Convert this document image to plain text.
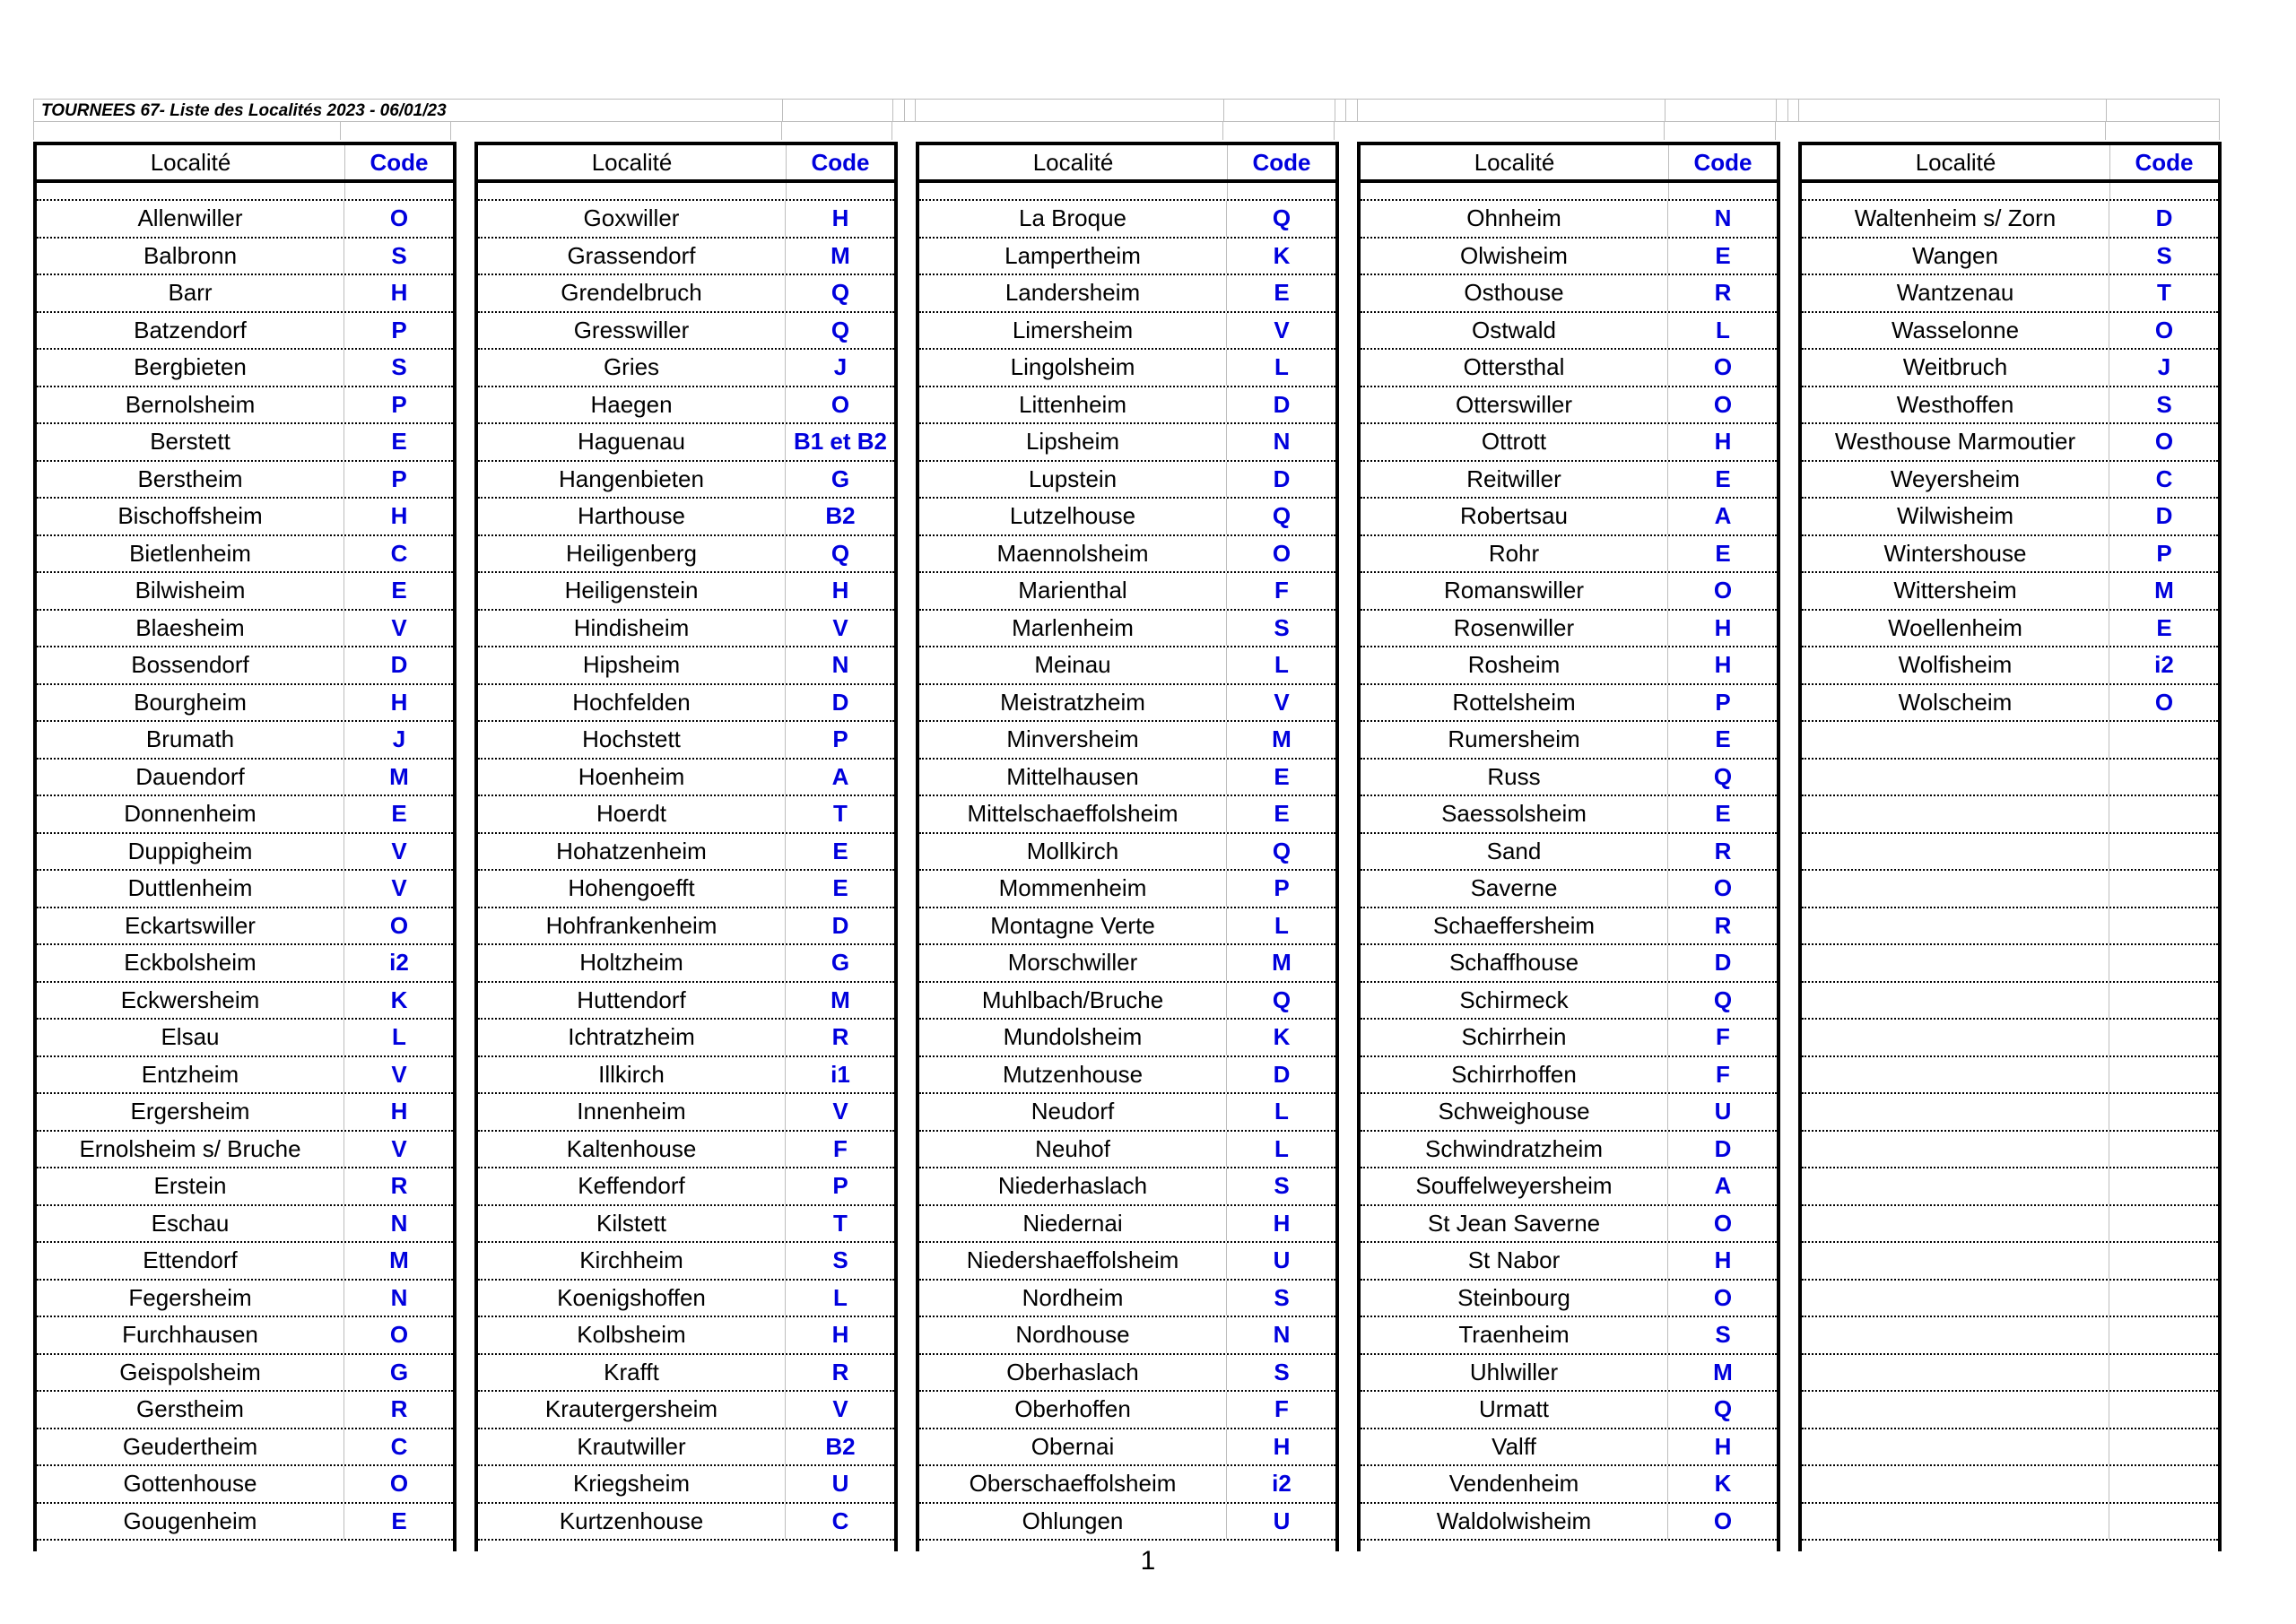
TOURNEES 67- Liste des Localités 2023 - 06/01/23
Localité	Code
Allenwiller	O
Balbronn	S
Barr	H
Batzendorf	P
Bergbieten	S
Bernolsheim	P
Berstett	E
Berstheim	P
Bischoffsheim	H
Bietlenheim	C
Bilwisheim	E
Blaesheim	V
Bossendorf	D
Bourgheim	H
Brumath	J
Dauendorf	M
Donnenheim	E
Duppigheim	V
Duttlenheim	V
Eckartswiller	O
Eckbolsheim	i2
Eckwersheim	K
Elsau	L
Entzheim	V
Ergersheim	H
Ernolsheim s/ Bruche	V
Erstein	R
Eschau	N
Ettendorf	M
Fegersheim	N
Furchhausen	O
Geispolsheim	G
Gerstheim	R
Geudertheim	C
Gottenhouse	O
Gougenheim	E
Localité	Code
Goxwiller	H
Grassendorf	M
Grendelbruch	Q
Gresswiller	Q
Gries	J
Haegen	O
Haguenau	B1 et B2
Hangenbieten	G
Harthouse	B2
Heiligenberg	Q
Heiligenstein	H
Hindisheim	V
Hipsheim	N
Hochfelden	D
Hochstett	P
Hoenheim	A
Hoerdt	T
Hohatzenheim	E
Hohengoefft	E
Hohfrankenheim	D
Holtzheim	G
Huttendorf	M
Ichtratzheim	R
Illkirch	i1
Innenheim	V
Kaltenhouse	F
Keffendorf	P
Kilstett	T
Kirchheim	S
Koenigshoffen	L
Kolbsheim	H
Krafft	R
Krautergersheim	V
Krautwiller	B2
Kriegsheim	U
Kurtzenhouse	C
Localité	Code
La Broque	Q
Lampertheim	K
Landersheim	E
Limersheim	V
Lingolsheim	L
Littenheim	D
Lipsheim	N
Lupstein	D
Lutzelhouse	Q
Maennolsheim	O
Marienthal	F
Marlenheim	S
Meinau	L
Meistratzheim	V
Minversheim	M
Mittelhausen	E
Mittelschaeffolsheim	E
Mollkirch	Q
Mommenheim	P
Montagne Verte	L
Morschwiller	M
Muhlbach/Bruche	Q
Mundolsheim	K
Mutzenhouse	D
Neudorf	L
Neuhof	L
Niederhaslach	S
Niedernai	H
Niedershaeffolsheim	U
Nordheim	S
Nordhouse	N
Oberhaslach	S
Oberhoffen	F
Obernai	H
Oberschaeffolsheim	i2
Ohlungen	U
Localité	Code
Ohnheim	N
Olwisheim	E
Osthouse	R
Ostwald	L
Ottersthal	O
Otterswiller	O
Ottrott	H
Reitwiller	E
Robertsau	A
Rohr	E
Romanswiller	O
Rosenwiller	H
Rosheim	H
Rottelsheim	P
Rumersheim	E
Russ	Q
Saessolsheim	E
Sand	R
Saverne	O
Schaeffersheim	R
Schaffhouse	D
Schirmeck	Q
Schirrhein	F
Schirrhoffen	F
Schweighouse	U
Schwindratzheim	D
Souffelweyersheim	A
St Jean Saverne	O
St Nabor	H
Steinbourg	O
Traenheim	S
Uhlwiller	M
Urmatt	Q
Valff	H
Vendenheim	K
Waldolwisheim	O
Localité	Code
Waltenheim s/ Zorn	D
Wangen	S
Wantzenau	T
Wasselonne	O
Weitbruch	J
Westhoffen	S
Westhouse Marmoutier	O
Weyersheim	C
Wilwisheim	D
Wintershouse	P
Wittersheim	M
Woellenheim	E
Wolfisheim	i2
Wolscheim	O
1
